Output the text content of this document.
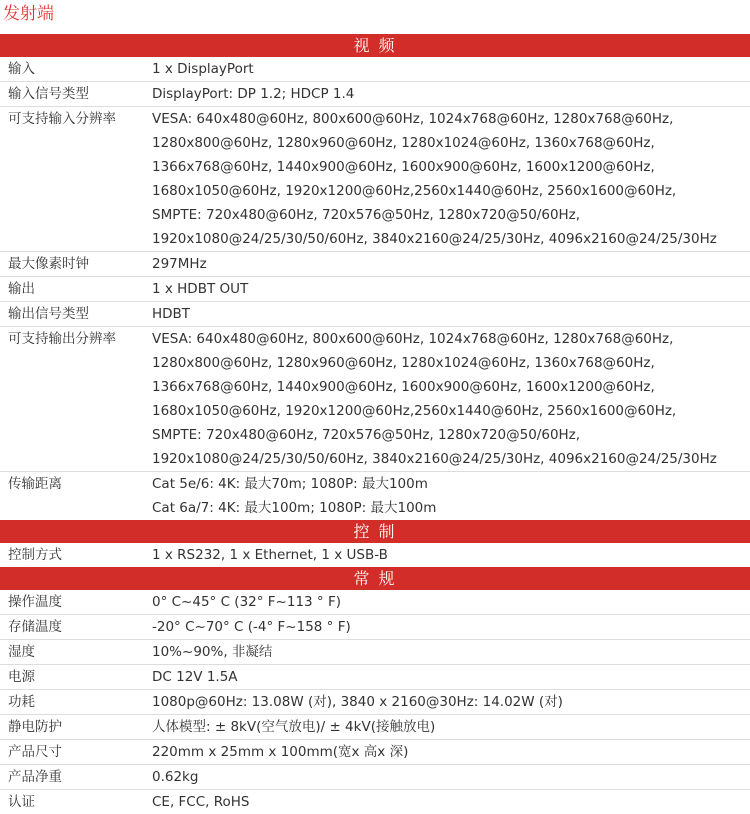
发射端
视 频
输入	1 x DisplayPort
输入信号类型	DisplayPort: DP 1.2; HDCP 1.4
可支持输入分辨率	VESA: 640x480@60Hz, 800x600@60Hz, 1024x768@60Hz, 1280x768@60Hz,
1280x800@60Hz, 1280x960@60Hz, 1280x1024@60Hz, 1360x768@60Hz,
1366x768@60Hz, 1440x900@60Hz, 1600x900@60Hz, 1600x1200@60Hz,
1680x1050@60Hz, 1920x1200@60Hz,2560x1440@60Hz, 2560x1600@60Hz,
SMPTE: 720x480@60Hz, 720x576@50Hz, 1280x720@50/60Hz,
1920x1080@24/25/30/50/60Hz, 3840x2160@24/25/30Hz, 4096x2160@24/25/30Hz
最大像素时钟	297MHz
输出	1 x HDBT OUT
输出信号类型	HDBT
可支持输出分辨率	VESA: 640x480@60Hz, 800x600@60Hz, 1024x768@60Hz, 1280x768@60Hz,
1280x800@60Hz, 1280x960@60Hz, 1280x1024@60Hz, 1360x768@60Hz,
1366x768@60Hz, 1440x900@60Hz, 1600x900@60Hz, 1600x1200@60Hz,
1680x1050@60Hz, 1920x1200@60Hz,2560x1440@60Hz, 2560x1600@60Hz,
SMPTE: 720x480@60Hz, 720x576@50Hz, 1280x720@50/60Hz,
1920x1080@24/25/30/50/60Hz, 3840x2160@24/25/30Hz, 4096x2160@24/25/30Hz
传输距离	Cat 5e/6: 4K: 最大70m; 1080P: 最大100m
Cat 6a/7: 4K: 最大100m; 1080P: 最大100m
控 制
控制方式	1 x RS232, 1 x Ethernet, 1 x USB-B
常 规
操作温度	0° C~45° C (32° F~113 ° F)
存储温度	-20° C~70° C (-4° F~158 ° F)
湿度	10%~90%, 非凝结
电源	DC 12V 1.5A
功耗	1080p@60Hz: 13.08W (对), 3840 x 2160@30Hz: 14.02W (对)
静电防护	人体模型: ± 8kV(空气放电)/ ± 4kV(接触放电)
产品尺寸	220mm x 25mm x 100mm(宽x 高x 深)
产品净重	0.62kg
认证	CE, FCC, RoHS
